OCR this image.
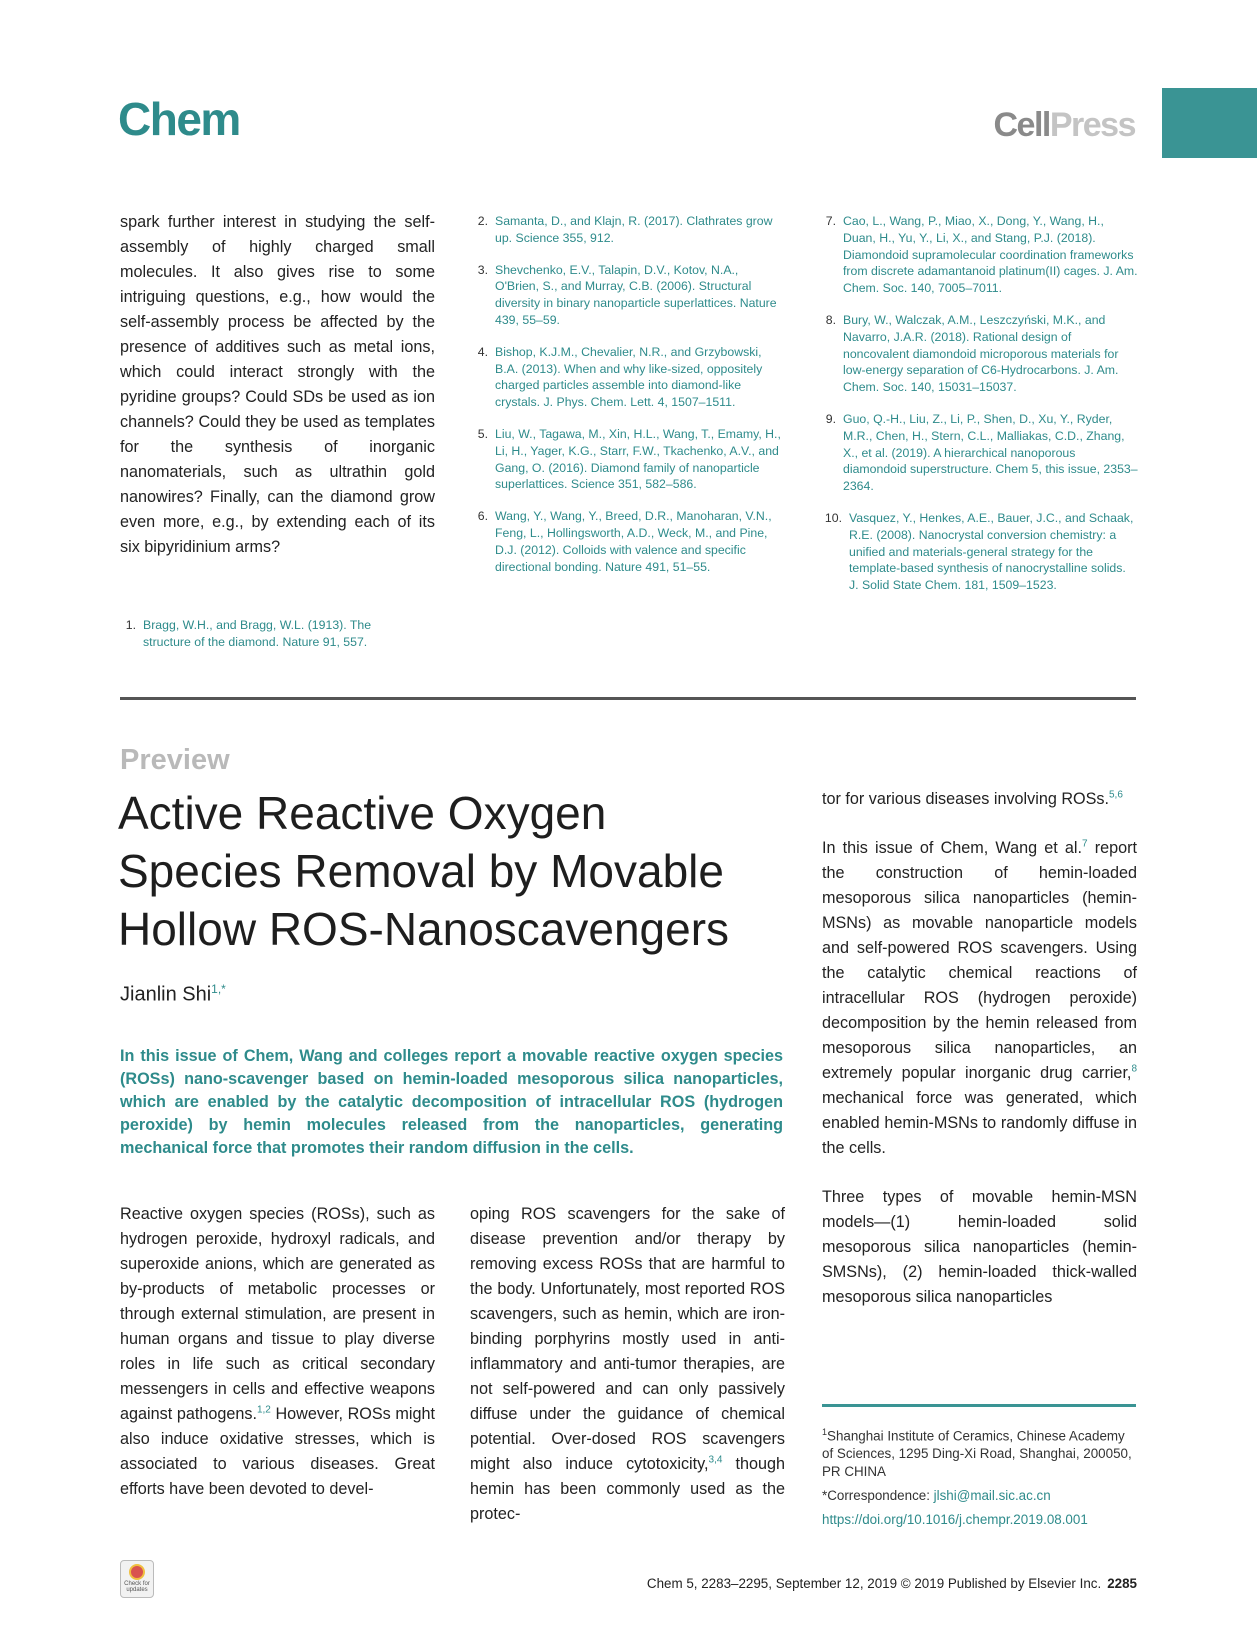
Chem	CellPress
spark further interest in studying the self-assembly of highly charged small molecules. It also gives rise to some intriguing questions, e.g., how would the self-assembly process be affected by the presence of additives such as metal ions, which could interact strongly with the pyridine groups? Could SDs be used as ion channels? Could they be used as templates for the synthesis of inorganic nanomaterials, such as ultrathin gold nanowires? Finally, can the diamond grow even more, e.g., by extending each of its six bipyridinium arms?
1. Bragg, W.H., and Bragg, W.L. (1913). The structure of the diamond. Nature 91, 557.
2. Samanta, D., and Klajn, R. (2017). Clathrates grow up. Science 355, 912.
3. Shevchenko, E.V., Talapin, D.V., Kotov, N.A., O'Brien, S., and Murray, C.B. (2006). Structural diversity in binary nanoparticle superlattices. Nature 439, 55–59.
4. Bishop, K.J.M., Chevalier, N.R., and Grzybowski, B.A. (2013). When and why like-sized, oppositely charged particles assemble into diamond-like crystals. J. Phys. Chem. Lett. 4, 1507–1511.
5. Liu, W., Tagawa, M., Xin, H.L., Wang, T., Emamy, H., Li, H., Yager, K.G., Starr, F.W., Tkachenko, A.V., and Gang, O. (2016). Diamond family of nanoparticle superlattices. Science 351, 582–586.
6. Wang, Y., Wang, Y., Breed, D.R., Manoharan, V.N., Feng, L., Hollingsworth, A.D., Weck, M., and Pine, D.J. (2012). Colloids with valence and specific directional bonding. Nature 491, 51–55.
7. Cao, L., Wang, P., Miao, X., Dong, Y., Wang, H., Duan, H., Yu, Y., Li, X., and Stang, P.J. (2018). Diamondoid supramolecular coordination frameworks from discrete adamantanoid platinum(II) cages. J. Am. Chem. Soc. 140, 7005–7011.
8. Bury, W., Walczak, A.M., Leszczyński, M.K., and Navarro, J.A.R. (2018). Rational design of noncovalent diamondoid microporous materials for low-energy separation of C6-Hydrocarbons. J. Am. Chem. Soc. 140, 15031–15037.
9. Guo, Q.-H., Liu, Z., Li, P., Shen, D., Xu, Y., Ryder, M.R., Chen, H., Stern, C.L., Malliakas, C.D., Zhang, X., et al. (2019). A hierarchical nanoporous diamondoid superstructure. Chem 5, this issue, 2353–2364.
10. Vasquez, Y., Henkes, A.E., Bauer, J.C., and Schaak, R.E. (2008). Nanocrystal conversion chemistry: a unified and materials-general strategy for the template-based synthesis of nanocrystalline solids. J. Solid State Chem. 181, 1509–1523.
Preview
Active Reactive Oxygen Species Removal by Movable Hollow ROS-Nanoscavengers
Jianlin Shi$^{1,*}$
In this issue of Chem, Wang and colleges report a movable reactive oxygen species (ROSs) nano-scavenger based on hemin-loaded mesoporous silica nanoparticles, which are enabled by the catalytic decomposition of intracellular ROS (hydrogen peroxide) by hemin molecules released from the nanoparticles, generating mechanical force that promotes their random diffusion in the cells.

Reactive oxygen species (ROSs), such as hydrogen peroxide, hydroxyl radicals, and superoxide anions, which are generated as by-products of metabolic processes or through external stimulation, are present in human organs and tissue to play diverse roles in life such as critical secondary messengers in cells and effective weapons against pathogens.$^{1,2}$ However, ROSs might also induce oxidative stresses, which is associated to various diseases. Great efforts have been devoted to devel-

oping ROS scavengers for the sake of disease prevention and/or therapy by removing excess ROSs that are harmful to the body. Unfortunately, most reported ROS scavengers, such as hemin, which are iron-binding porphyrins mostly used in anti-inflammatory and anti-tumor therapies, are not self-powered and can only passively diffuse under the guidance of chemical potential. Over-dosed ROS scavengers might also induce cytotoxicity,$^{3,4}$ though hemin has been commonly used as the protec-

tor for various diseases involving ROSs.$^{5,6}$

In this issue of Chem, Wang et al.$^7$ report the construction of hemin-loaded mesoporous silica nanoparticles (hemin-MSNs) as movable nanoparticle models and self-powered ROS scavengers. Using the catalytic chemical reactions of intracellular ROS (hydrogen peroxide) decomposition by the hemin released from mesoporous silica nanoparticles, an extremely popular inorganic drug carrier,$^8$ mechanical force was generated, which enabled hemin-MSNs to randomly diffuse in the cells.

Three types of movable hemin-MSN models—(1) hemin-loaded solid mesoporous silica nanoparticles (hemin-SMSNs), (2) hemin-loaded thick-walled mesoporous silica nanoparticles

$^1$Shanghai Institute of Ceramics, Chinese Academy of Sciences, 1295 Ding-Xi Road, Shanghai, 200050, PR CHINA
*Correspondence: jlshi@mail.sic.ac.cn
https://doi.org/10.1016/j.chempr.2019.08.001
Check for updates	Chem 5, 2283–2295, September 12, 2019 © 2019 Published by Elsevier Inc. 2285
